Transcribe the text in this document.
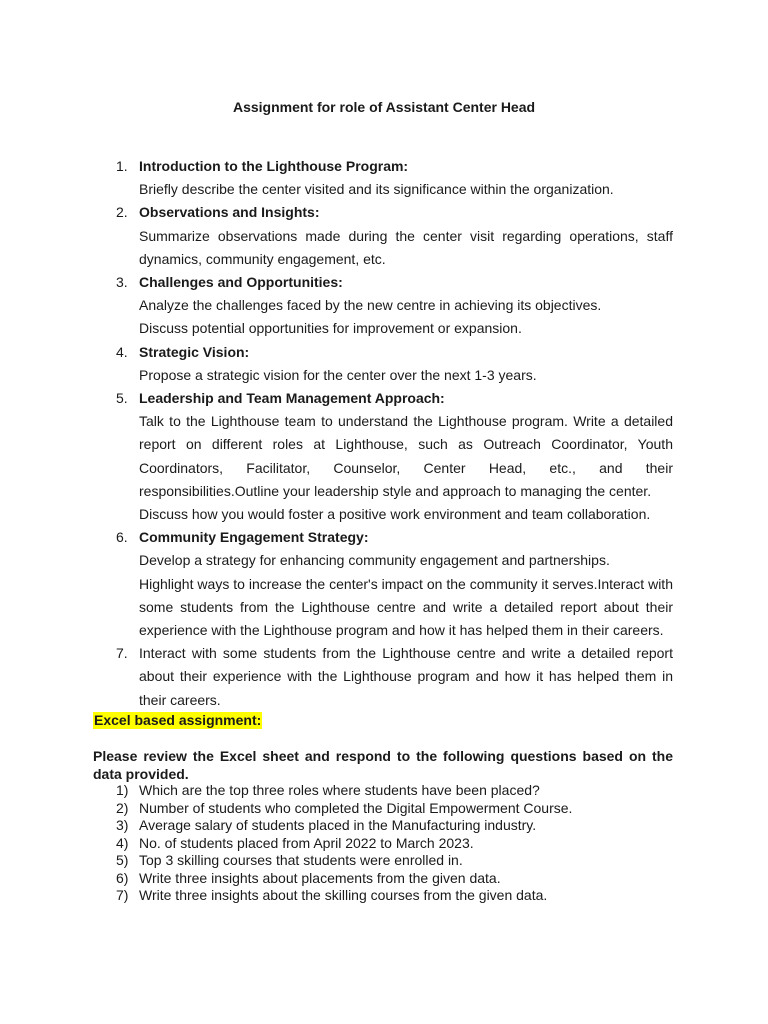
Assignment for role of Assistant Center Head
1. Introduction to the Lighthouse Program:
Briefly describe the center visited and its significance within the organization.
2. Observations and Insights:
Summarize observations made during the center visit regarding operations, staff dynamics, community engagement, etc.
3. Challenges and Opportunities:
Analyze the challenges faced by the new centre in achieving its objectives.
Discuss potential opportunities for improvement or expansion.
4. Strategic Vision:
Propose a strategic vision for the center over the next 1-3 years.
5. Leadership and Team Management Approach:
Talk to the Lighthouse team to understand the Lighthouse program. Write a detailed report on different roles at Lighthouse, such as Outreach Coordinator, Youth Coordinators, Facilitator, Counselor, Center Head, etc., and their responsibilities.Outline your leadership style and approach to managing the center.
Discuss how you would foster a positive work environment and team collaboration.
6. Community Engagement Strategy:
Develop a strategy for enhancing community engagement and partnerships.
Highlight ways to increase the center's impact on the community it serves.Interact with some students from the Lighthouse centre and write a detailed report about their experience with the Lighthouse program and how it has helped them in their careers.
7. Interact with some students from the Lighthouse centre and write a detailed report about their experience with the Lighthouse program and how it has helped them in their careers.
Excel based assignment:
Please review the Excel sheet and respond to the following questions based on the data provided.
1) Which are the top three roles where students have been placed?
2) Number of students who completed the Digital Empowerment Course.
3) Average salary of students placed in the Manufacturing industry.
4) No. of students placed from April 2022 to March 2023.
5) Top 3 skilling courses that students were enrolled in.
6) Write three insights about placements from the given data.
7) Write three insights about the skilling courses from the given data.
